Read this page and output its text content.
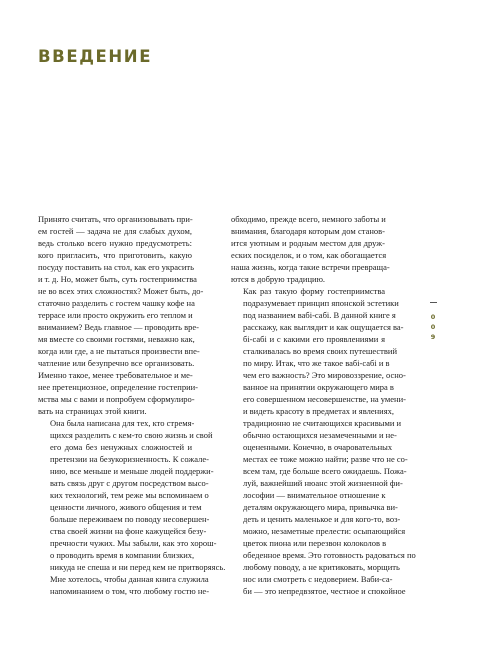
ВВЕДЕНИЕ

Принято считать, что организовывать при-
ем гостей — задача не для слабых духом,
ведь столько всего нужно предусмотреть:
кого пригласить, что приготовить, какую
посуду поставить на стол, как его украсить
и т. д. Но, может быть, суть гостеприимства
не во всех этих сложностях? Может быть, до-
статочно разделить с гостем чашку кофе на
террасе или просто окружить его теплом и
вниманием? Ведь главное — проводить вре-
мя вместе со своими гостями, неважно как,
когда или где, а не пытаться произвести впе-
чатление или безупречно все организовать.
Именно такое, менее требовательное и ме-
нее претенциозное, определение гостеприи-
мства мы с вами и попробуем сформулиро-
вать на страницах этой книги.

Она была написана для тех, кто стремя-
щихся разделить с кем-то свою жизнь и свой
его дома без ненужных сложностей и
претензии на безукоризненность. К сожале-
нию, все меньше и меньше людей поддержи-
вать связь друг с другом посредством высо-
ких технологий, тем реже мы вспоминаем о
ценности личного, живого общения и тем
больше переживаем по поводу несовершен-
ства своей жизни на фоне кажущейся безу-
пречности чужих. Мы забыли, как это хорош-
о проводить время в компании близких,
никуда не спеша и ни перед кем не притворяясь.
Мне хотелось, чтобы данная книга служила
напоминанием о том, что любому гостю не-

обходимо, прежде всего, немного заботы и
внимания, благодаря которым дом станов-
ится уютным и родным местом для друж-
еских посиделок, и о том, как обогащается
наша жизнь, когда такие встречи превраща-
ются в добрую традицию.

Как раз такую форму гостеприимства
подразумевает принцип японской эстетики
под названием вабі-сабі. В данной книге я
расскажу, как выглядит и как ощущается ва-
бі-сабі и с какими его проявлениями я
сталкивалась во время своих путешествий
по миру. Итак, что же такое вабі-сабі и в
чем его важность? Это мировоззрение, осно-
ванное на принятии окружающего мира в
его совершенном несовершенстве, на умени-
и видеть красоту в предметах и явлениях,
традиционно не считающихся красивыми и
обычно остающихся незамеченными и не-
оцененными. Конечно, в очаровательных
местах ее тоже можно найти; разве что не со-
всем там, где больше всего ожидаешь. Пожа-
луй, важнейший нюанс этой жизненной фи-
лософии — внимательное отношение к
деталям окружающего мира, привычка ви-
деть и ценить маленькое и для кого-то, воз-
можно, незаметные прелести: осыпающийся
цветок пиона или перезвон колоколов в
обеденное время. Это готовность радоваться по
любому поводу, а не критиковать, морщить
нос или смотреть с недоверием. Ваби-са-
би — это непредвзятое, честное и спокойное

0
0
9
